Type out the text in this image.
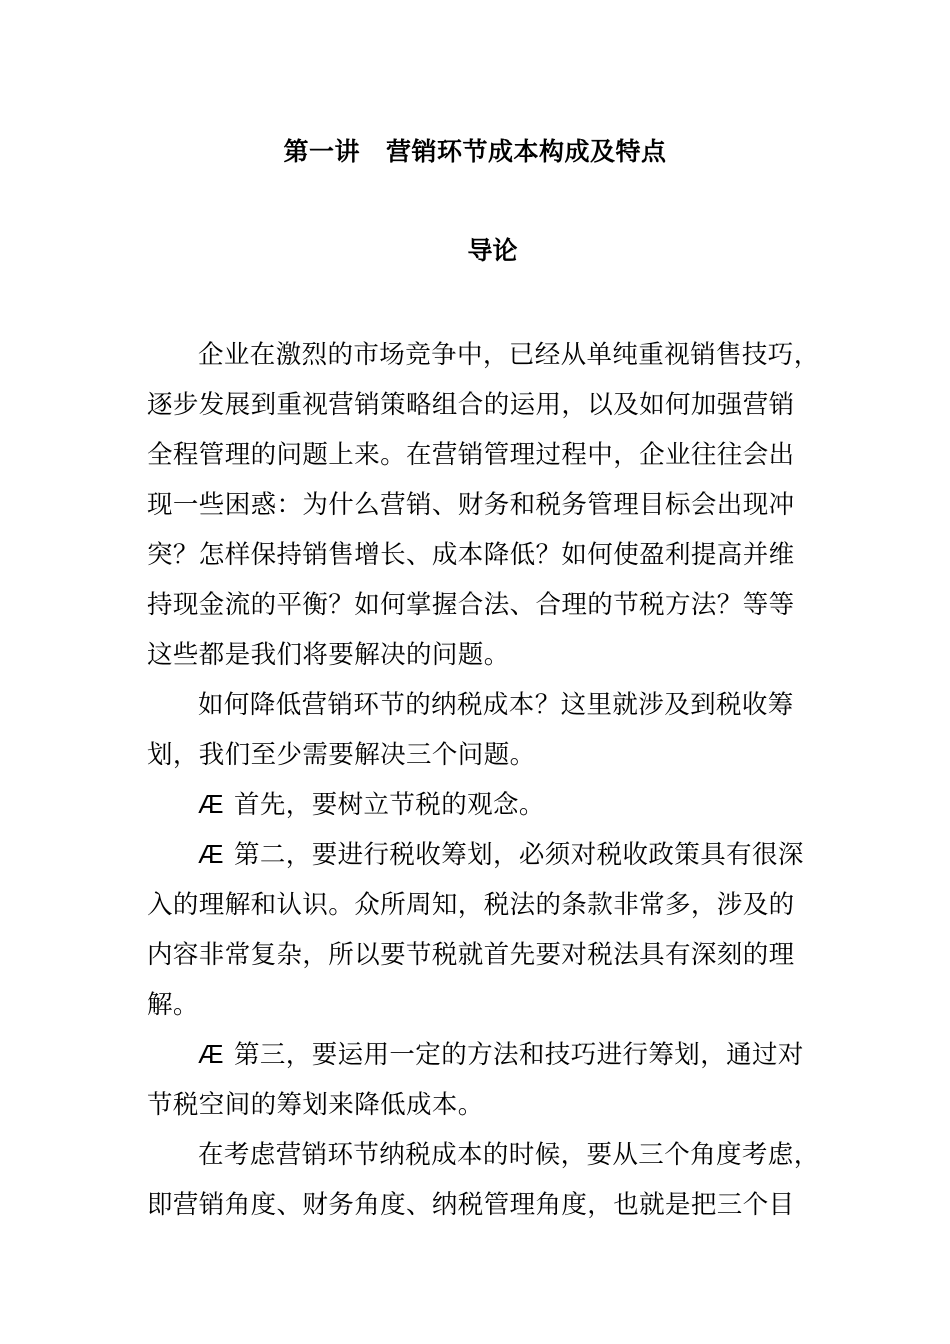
第一讲 营销环节成本构成及特点
导论
企业在激烈的市场竞争中，已经从单纯重视销售技巧，
逐步发展到重视营销策略组合的运用，以及如何加强营销
全程管理的问题上来。在营销管理过程中，企业往往会出
现一些困惑：为什么营销、财务和税务管理目标会出现冲
突？怎样保持销售增长、成本降低？如何使盈利提高并维
持现金流的平衡？如何掌握合法、合理的节税方法？等等
这些都是我们将要解决的问题。
如何降低营销环节的纳税成本？这里就涉及到税收筹
划，我们至少需要解决三个问题。
Æ 首先，要树立节税的观念。
Æ 第二，要进行税收筹划，必须对税收政策具有很深
入的理解和认识。众所周知，税法的条款非常多，涉及的
内容非常复杂，所以要节税就首先要对税法具有深刻的理
解。
Æ 第三，要运用一定的方法和技巧进行筹划，通过对
节税空间的筹划来降低成本。
在考虑营销环节纳税成本的时候，要从三个角度考虑，
即营销角度、财务角度、纳税管理角度，也就是把三个目
